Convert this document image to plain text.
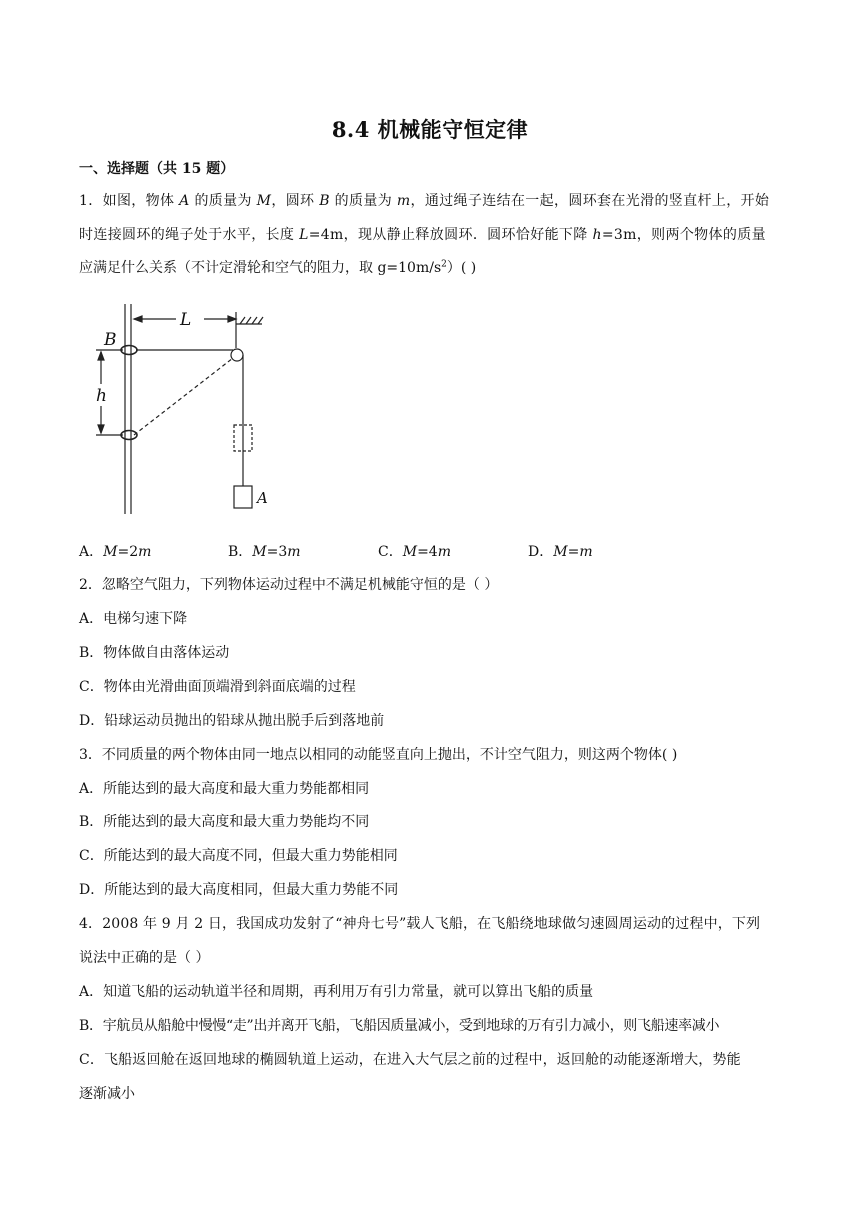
8.4 机械能守恒定律
一、选择题（共 15 题）
1．如图，物体 A 的质量为 M，圆环 B 的质量为 m，通过绳子连结在一起，圆环套在光滑的竖直杆上，开始
时连接圆环的绳子处于水平，长度 L=4m，现从静止释放圆环．圆环恰好能下降 h=3m，则两个物体的质量
应满足什么关系（不计定滑轮和空气的阻力，取 $g=10m/s^2$）( )
L
B
h
A
A．M=2m	B．M=3m	C．M=4m	D．M=m
2．忽略空气阻力，下列物体运动过程中不满足机械能守恒的是（ ）
A．电梯匀速下降
B．物体做自由落体运动
C．物体由光滑曲面顶端滑到斜面底端的过程
D．铅球运动员抛出的铅球从抛出脱手后到落地前
3．不同质量的两个物体由同一地点以相同的动能竖直向上抛出，不计空气阻力，则这两个物体( )
A．所能达到的最大高度和最大重力势能都相同
B．所能达到的最大高度和最大重力势能均不同
C．所能达到的最大高度不同，但最大重力势能相同
D．所能达到的最大高度相同，但最大重力势能不同
4．2008 年 9 月 2 日，我国成功发射了“神舟七号”载人飞船，在飞船绕地球做匀速圆周运动的过程中，下列
说法中正确的是（ ）
A．知道飞船的运动轨道半径和周期，再利用万有引力常量，就可以算出飞船的质量
B．宇航员从船舱中慢慢“走”出并离开飞船，飞船因质量减小，受到地球的万有引力减小，则飞船速率减小
C．飞船返回舱在返回地球的椭圆轨道上运动，在进入大气层之前的过程中，返回舱的动能逐渐增大，势能
逐渐减小
